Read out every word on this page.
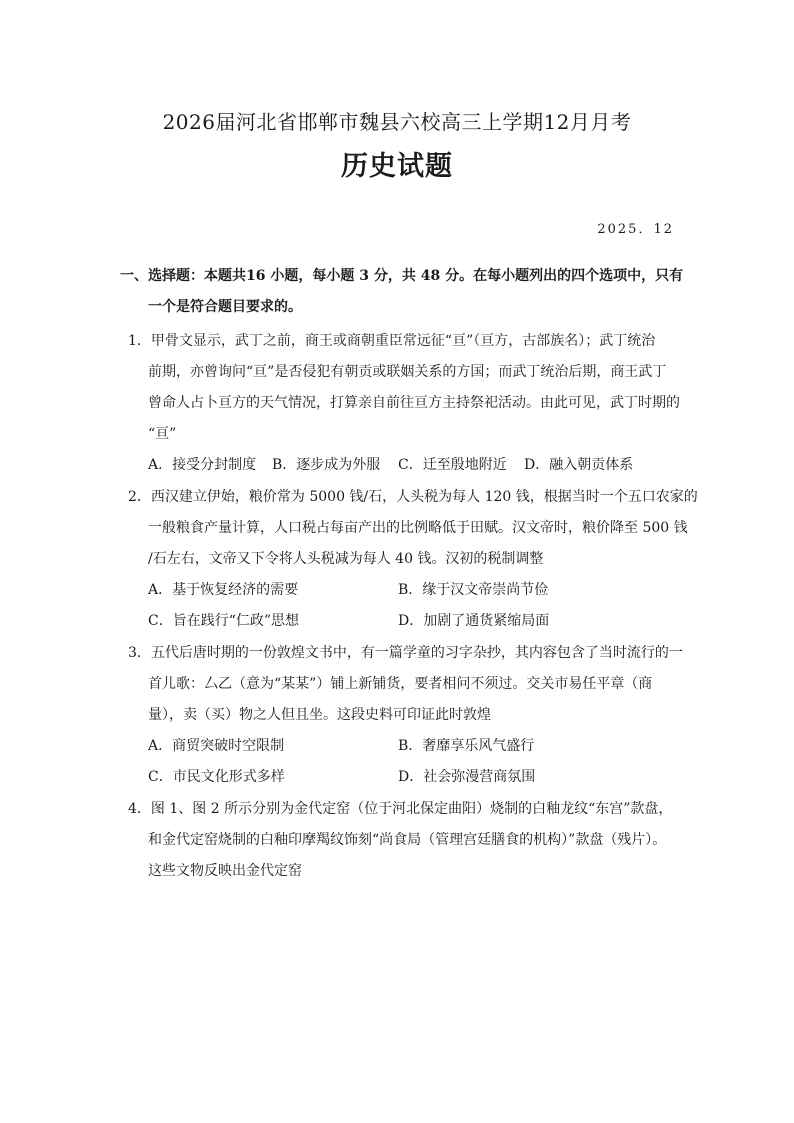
2026届河北省邯郸市魏县六校高三上学期12月月考
历史试题
2025．12
一、选择题：本题共16 小题，每小题 3 分，共 48 分。在每小题列出的四个选项中，只有
一个是符合题目要求的。
1．甲骨文显示，武丁之前，商王或商朝重臣常远征“亘”（亘方，古部族名）；武丁统治
前期，亦曾询问“亘”是否侵犯有朝贡或联姻关系的方国；而武丁统治后期，商王武丁
曾命人占卜亘方的天气情况，打算亲自前往亘方主持祭祀活动。由此可见，武丁时期的
“亘”
A．接受分封制度 B．逐步成为外服 C．迁至殷地附近 D．融入朝贡体系
2．西汉建立伊始，粮价常为 5000 钱/石，人头税为每人 120 钱，根据当时一个五口农家的
一般粮食产量计算，人口税占每亩产出的比例略低于田赋。汉文帝时，粮价降至 500 钱
/石左右，文帝又下令将人头税减为每人 40 钱。汉初的税制调整
A．基于恢复经济的需要	B．缘于汉文帝崇尚节俭
C．旨在践行“仁政”思想	D．加剧了通货紧缩局面
3．五代后唐时期的一份敦煌文书中，有一篇学童的习字杂抄，其内容包含了当时流行的一
首儿歌：厶乙（意为“某某”）铺上新铺货，要者相问不须过。交关市易任平章（商
量），卖（买）物之人但且坐。这段史料可印证此时敦煌
A．商贸突破时空限制	B．奢靡享乐风气盛行
C．市民文化形式多样	D．社会弥漫营商氛围
4．图 1、图 2 所示分别为金代定窑（位于河北保定曲阳）烧制的白釉龙纹“东宫”款盘，
和金代定窑烧制的白釉印摩羯纹饰刻“尚食局（管理宫廷膳食的机构）”款盘（残片）。
这些文物反映出金代定窑
